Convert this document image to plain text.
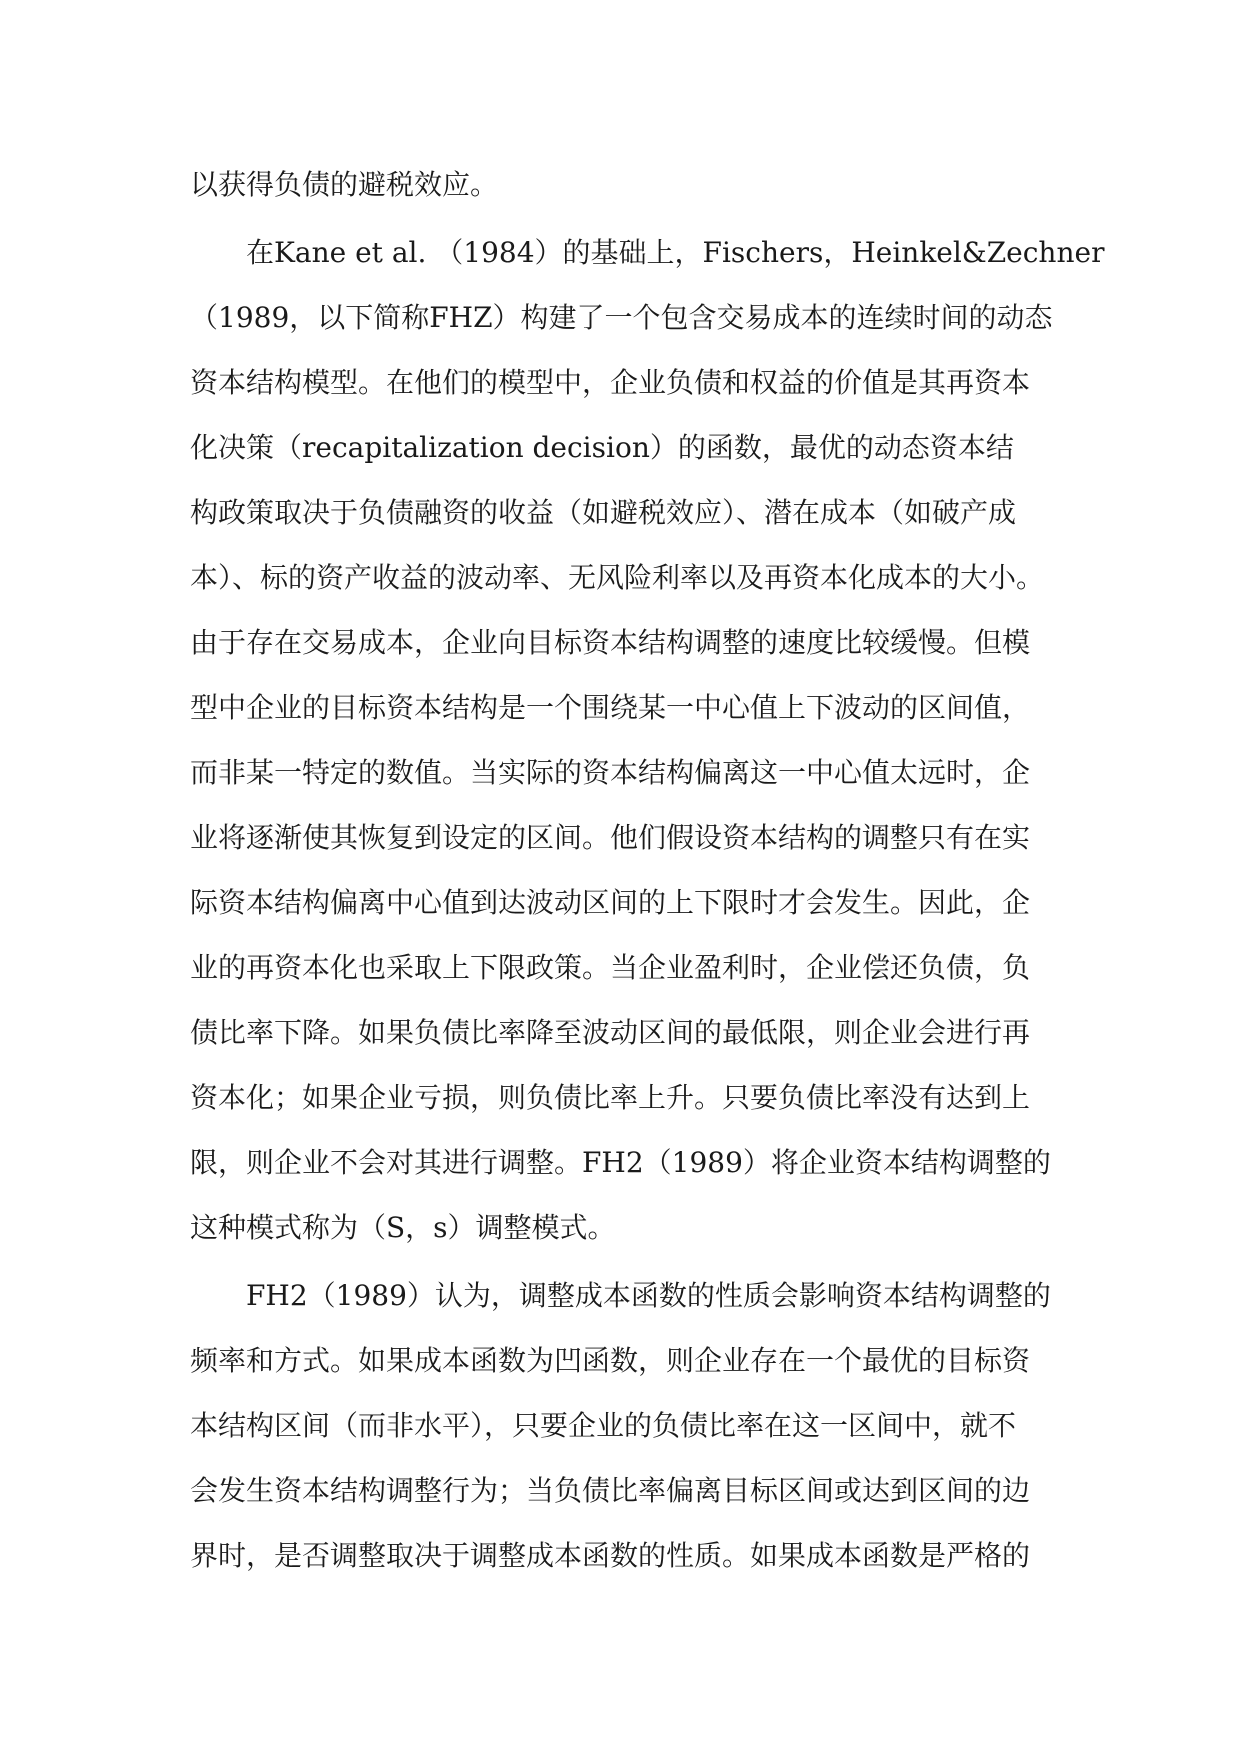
以获得负债的避税效应。
在Kane et al. （1984）的基础上，Fischers，Heinkel&Zechner
（1989，以下简称FHZ）构建了一个包含交易成本的连续时间的动态
资本结构模型。在他们的模型中，企业负债和权益的价值是其再资本
化决策（recapitalization decision）的函数，最优的动态资本结
构政策取决于负债融资的收益（如避税效应）、潜在成本（如破产成
本）、标的资产收益的波动率、无风险利率以及再资本化成本的大小。
由于存在交易成本，企业向目标资本结构调整的速度比较缓慢。但模
型中企业的目标资本结构是一个围绕某一中心值上下波动的区间值，
而非某一特定的数值。当实际的资本结构偏离这一中心值太远时，企
业将逐渐使其恢复到设定的区间。他们假设资本结构的调整只有在实
际资本结构偏离中心值到达波动区间的上下限时才会发生。因此，企
业的再资本化也采取上下限政策。当企业盈利时，企业偿还负债，负
债比率下降。如果负债比率降至波动区间的最低限，则企业会进行再
资本化；如果企业亏损，则负债比率上升。只要负债比率没有达到上
限，则企业不会对其进行调整。FH2（1989）将企业资本结构调整的
这种模式称为（S，s）调整模式。
FH2（1989）认为，调整成本函数的性质会影响资本结构调整的
频率和方式。如果成本函数为凹函数，则企业存在一个最优的目标资
本结构区间（而非水平），只要企业的负债比率在这一区间中，就不
会发生资本结构调整行为；当负债比率偏离目标区间或达到区间的边
界时，是否调整取决于调整成本函数的性质。如果成本函数是严格的
